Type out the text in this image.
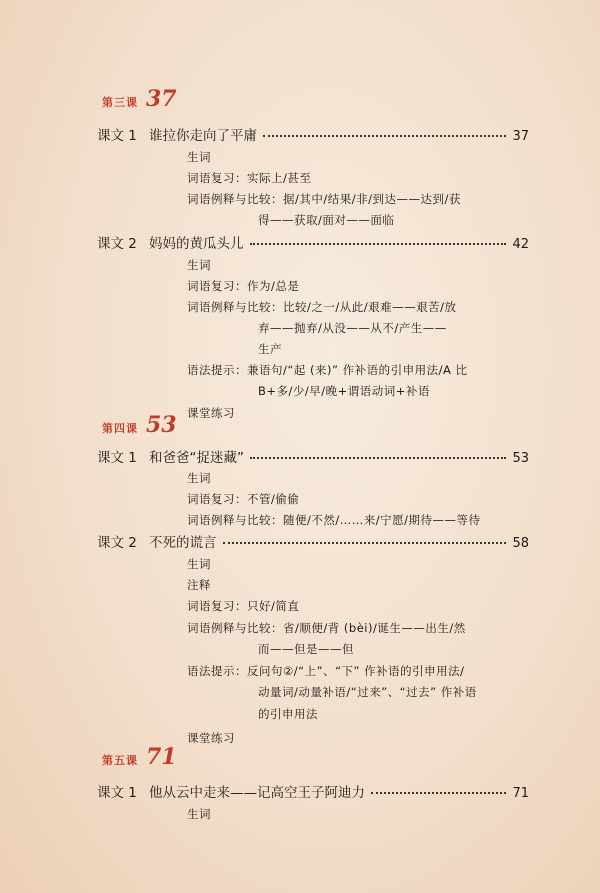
第三课 37
课文 1 谁拉你走向了平庸	37
生词
词语复习：实际上/甚至
词语例释与比较：据/其中/结果/非/到达——达到/获
得——获取/面对——面临
课文 2 妈妈的黄瓜头儿	42
生词
词语复习：作为/总是
词语例释与比较：比较/之一/从此/艰难——艰苦/放
弃——抛弃/从没——从不/产生——
生产
语法提示：兼语句/“起 (来)” 作补语的引申用法/A 比
B+多/少/早/晚+谓语动词+补语
课堂练习
第四课 53
课文 1 和爸爸“捉迷藏”	53
生词
词语复习：不管/偷偷
词语例释与比较：随便/不然/……来/宁愿/期待——等待
课文 2 不死的谎言	58
生词
注释
词语复习：只好/简直
词语例释与比较：省/顺便/背 (bèi)/诞生——出生/然
而——但是——但
语法提示：反问句②/“上”、“下” 作补语的引申用法/
动量词/动量补语/“过来”、“过去” 作补语
的引申用法
课堂练习
第五课 71
课文 1 他从云中走来——记高空王子阿迪力	71
生词
